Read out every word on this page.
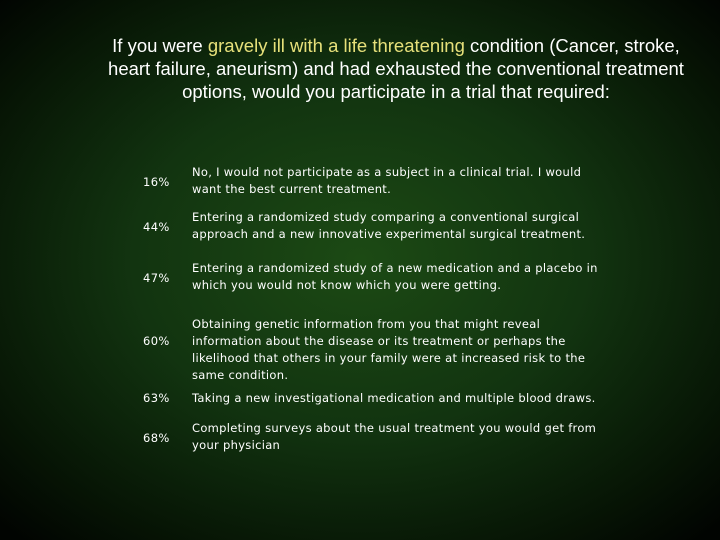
If you were gravely ill with a life threatening condition (Cancer, stroke, heart failure, aneurism) and had exhausted the conventional treatment options, would you participate in a trial that required:
16%
No, I would not participate as a subject in a clinical trial. I would want the best current treatment.
44%
Entering a randomized study comparing a conventional surgical approach and a new innovative experimental surgical treatment.
47%
Entering a randomized study of a new medication and a placebo in which you would not know which you were getting.
60%
Obtaining genetic information from you that might reveal information about the disease or its treatment or perhaps the likelihood that others in your family were at increased risk to the same condition.
63%	Taking a new investigational medication and multiple blood draws.
68%
Completing surveys about the usual treatment you would get from your physician
